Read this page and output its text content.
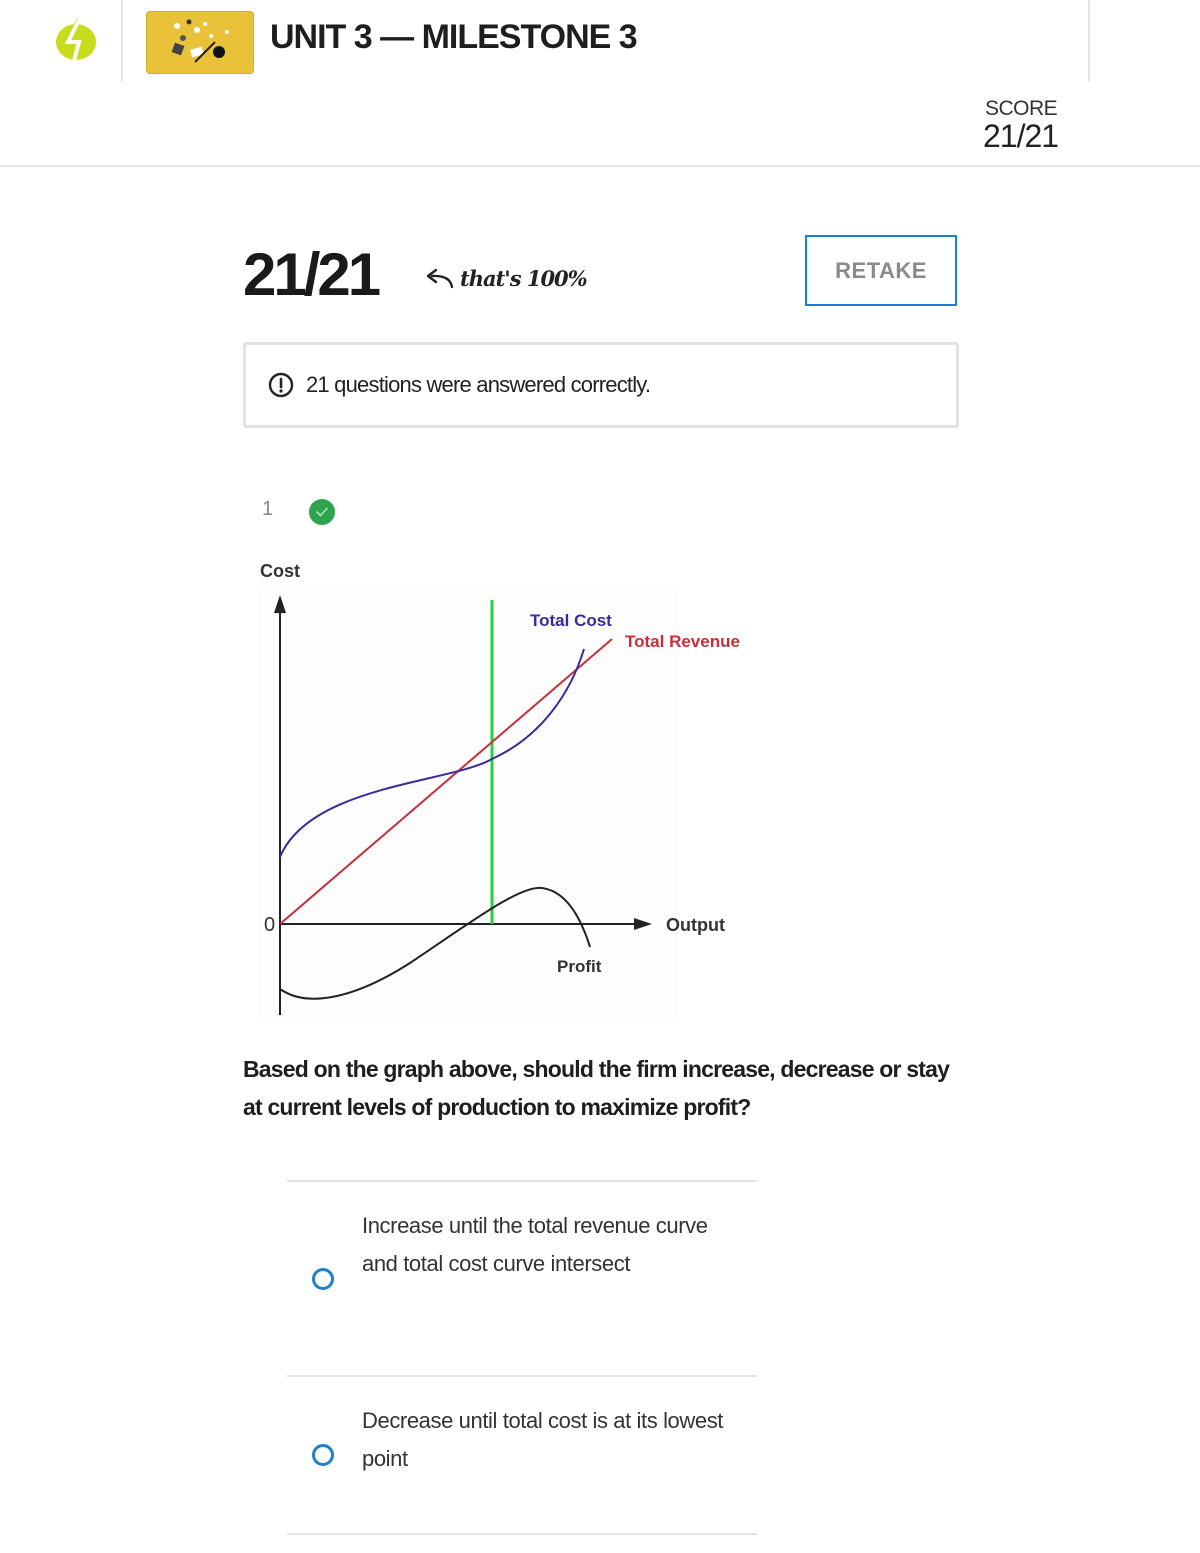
UNIT 3 — MILESTONE 3
SCORE
21/21
21/21	that's 100%	RETAKE
21 questions were answered correctly.
1
Cost
Output
0
Total Cost
Total Revenue
Profit
Based on the graph above, should the firm increase, decrease or stay at current levels of production to maximize profit?
Increase until the total revenue curve and total cost curve intersect
Decrease until total cost is at its lowest point
